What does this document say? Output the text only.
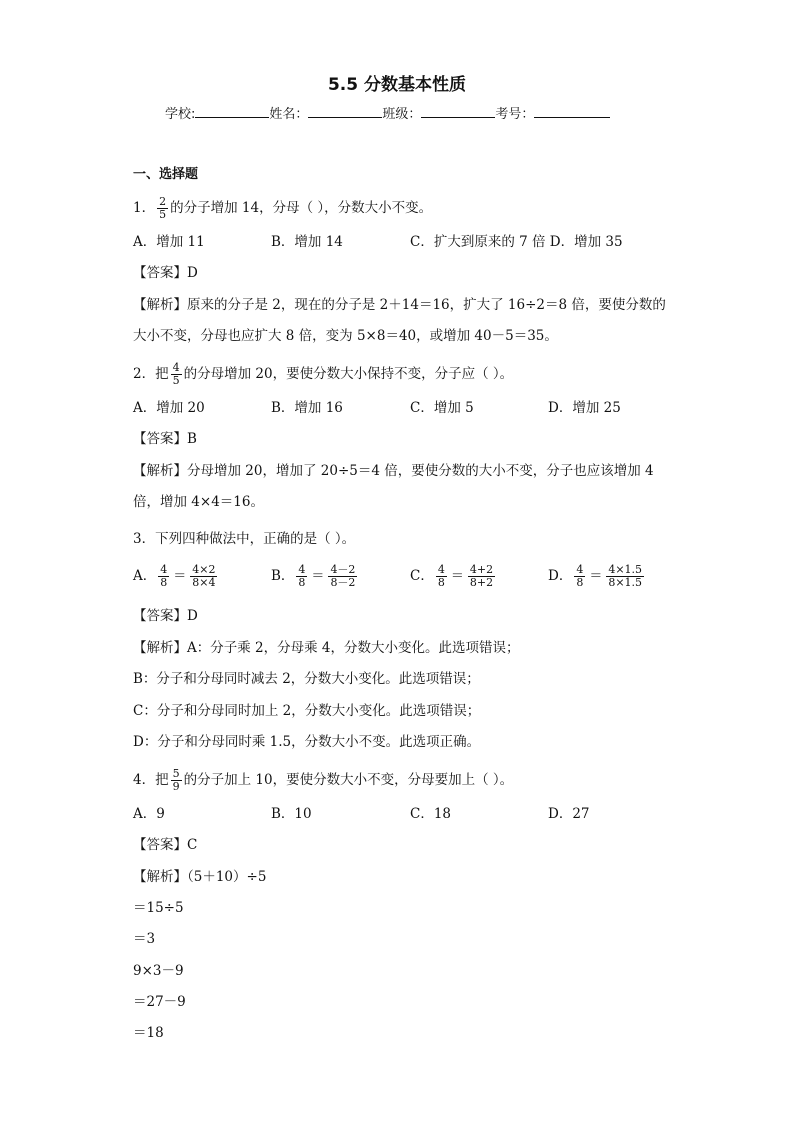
5.5 分数基本性质
学校:	姓名：	班级：	考号：
一、选择题
1． $\frac{2}{5}$ 的分子增加 14，分母（ ），分数大小不变。
A．增加 11	B．增加 14	C．扩大到原来的 7 倍 D．增加 35
【答案】D
【解析】原来的分子是 2，现在的分子是 2＋14＝16，扩大了 16÷2＝8 倍，要使分数的
大小不变，分母也应扩大 8 倍，变为 5×8＝40，或增加 40－5＝35。
2．把 $\frac{4}{5}$ 的分母增加 20，要使分数大小保持不变，分子应（ ）。
A．增加 20	B．增加 16	C．增加 5	D．增加 25
【答案】B
【解析】分母增加 20，增加了 20÷5＝4 倍，要使分数的大小不变，分子也应该增加 4
倍，增加 4×4＝16。
3．下列四种做法中，正确的是（ ）。
A． $\frac{4}{8} = \frac{4\times 2}{8\times 4}$	B． $\frac{4}{8} = \frac{4-2}{8-2}$	C． $\frac{4}{8} = \frac{4+2}{8+2}$	D． $\frac{4}{8} = \frac{4\times 1.5}{8\times 1.5}$
【答案】D
【解析】A：分子乘 2，分母乘 4，分数大小变化。此选项错误；
B：分子和分母同时减去 2，分数大小变化。此选项错误；
C：分子和分母同时加上 2，分数大小变化。此选项错误；
D：分子和分母同时乘 1.5，分数大小不变。此选项正确。
4．把 $\frac{5}{9}$ 的分子加上 10，要使分数大小不变，分母要加上（ ）。
A．9	B．10	C．18	D．27
【答案】C
【解析】（5＋10）÷5
＝15÷5
＝3
9×3－9
＝27－9
＝18
